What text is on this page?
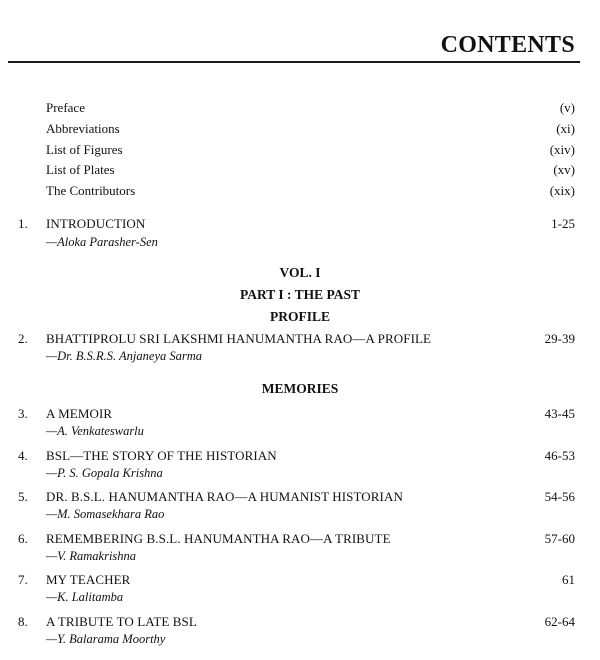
CONTENTS
Preface	(v)
Abbreviations	(xi)
List of Figures	(xiv)
List of Plates	(xv)
The Contributors	(xix)
1. INTRODUCTION	1-25
—Aloka Parasher-Sen
VOL. I
PART I : THE PAST
PROFILE
2. BHATTIPROLU SRI LAKSHMI HANUMANTHA RAO—A PROFILE	29-39
—Dr. B.S.R.S. Anjaneya Sarma
MEMORIES
3. A MEMOIR	43-45
—A. Venkateswarlu
4. BSL—THE STORY OF THE HISTORIAN	46-53
—P. S. Gopala Krishna
5. DR. B.S.L. HANUMANTHA RAO—A HUMANIST HISTORIAN	54-56
—M. Somasekhara Rao
6. REMEMBERING B.S.L. HANUMANTHA RAO—A TRIBUTE	57-60
—V. Ramakrishna
7. MY TEACHER	61
—K. Lalitamba
8. A TRIBUTE TO LATE BSL	62-64
—Y. Balarama Moorthy
